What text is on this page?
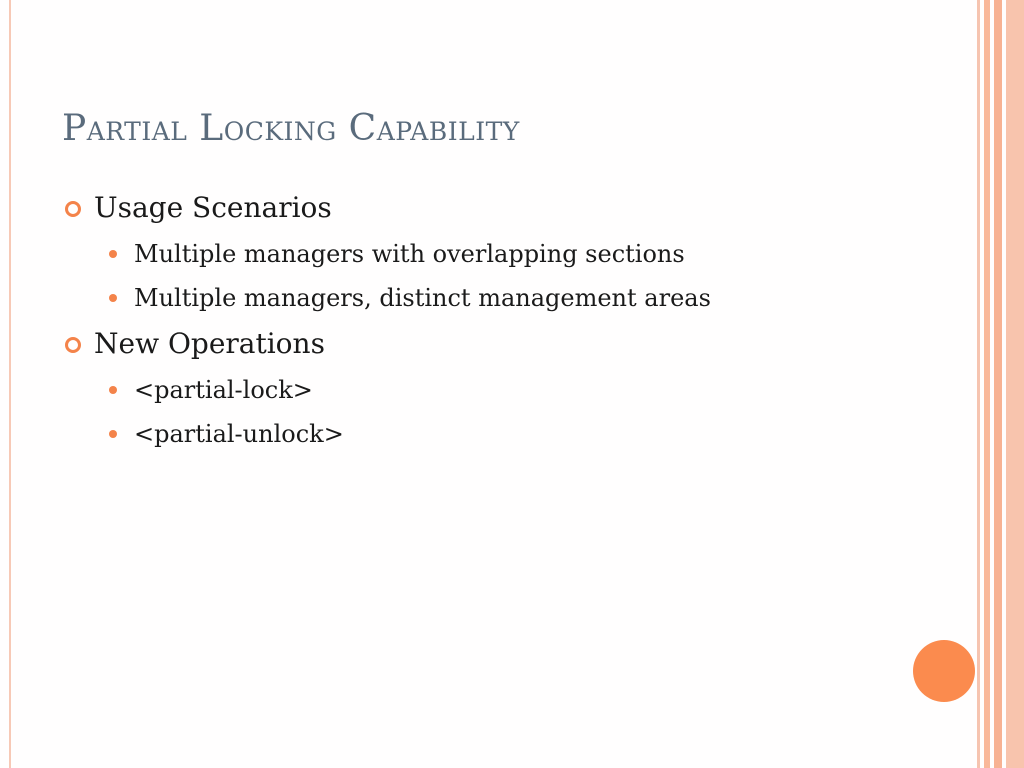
Partial Locking Capability
Usage Scenarios
Multiple managers with overlapping sections
Multiple managers, distinct management areas
New Operations
<partial-lock>
<partial-unlock>
